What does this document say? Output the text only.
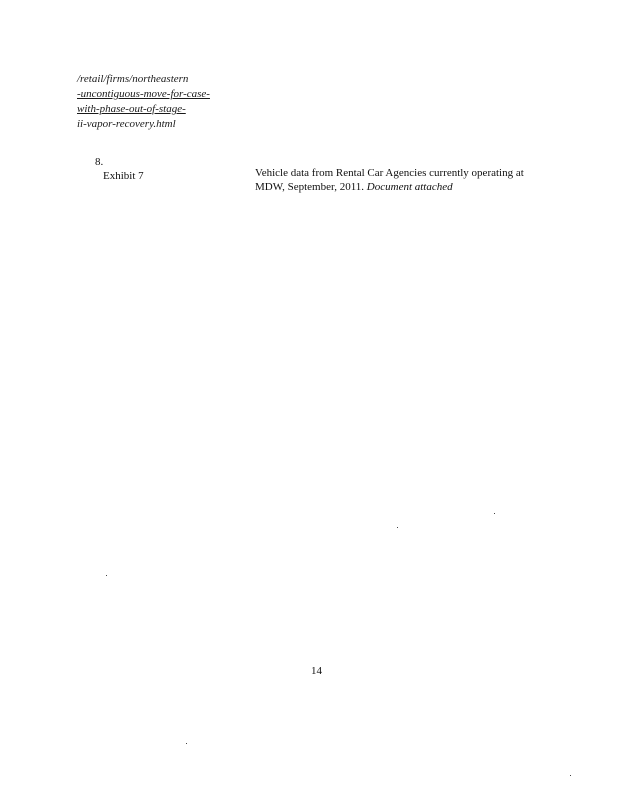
/retail/firms/northeastern
-uncontiguous-move-for-case-
with-phase-out-of-stage-
ii-vapor-recovery.html
8.
Exhibit 7	Vehicle data from Rental Car Agencies currently operating at MDW, September, 2011. Document attached
14
